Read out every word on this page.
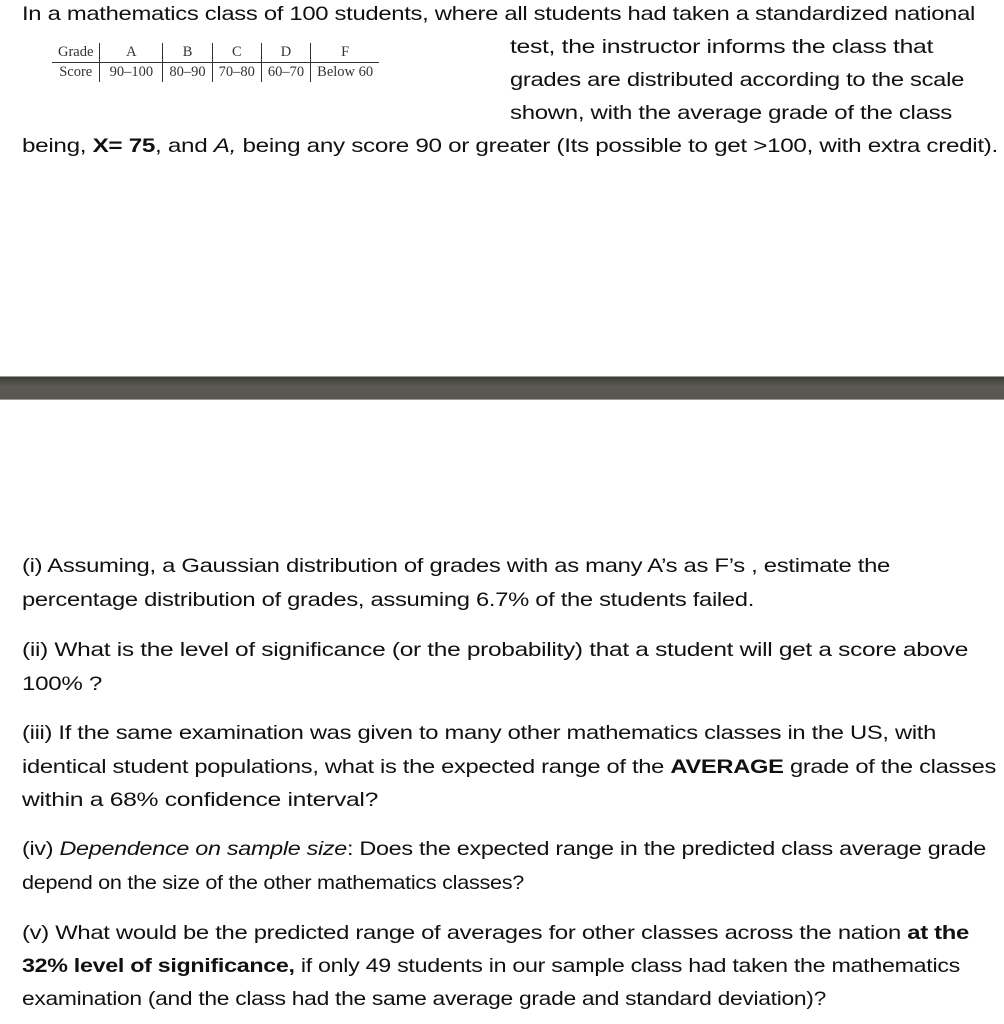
Grade	A	B	C	D	F
Score	90–100	80–90	70–80	60–70	Below 60
In a mathematics class of 100 students, where all students had taken a standardized national
test, the instructor informs the class that
grades are distributed according to the scale
shown, with the average grade of the class
being, X= 75, and A, being any score 90 or greater (Its possible to get >100, with extra credit).
(i) Assuming, a Gaussian distribution of grades with as many A’s as F’s , estimate the
percentage distribution of grades, assuming 6.7% of the students failed.
(ii) What is the level of significance (or the probability) that a student will get a score above
100% ?
(iii) If the same examination was given to many other mathematics classes in the US, with
identical student populations, what is the expected range of the AVERAGE grade of the classes
within a 68% confidence interval?
(iv) Dependence on sample size: Does the expected range in the predicted class average grade
depend on the size of the other mathematics classes?
(v) What would be the predicted range of averages for other classes across the nation at the
32% level of significance, if only 49 students in our sample class had taken the mathematics
examination (and the class had the same average grade and standard deviation)?
